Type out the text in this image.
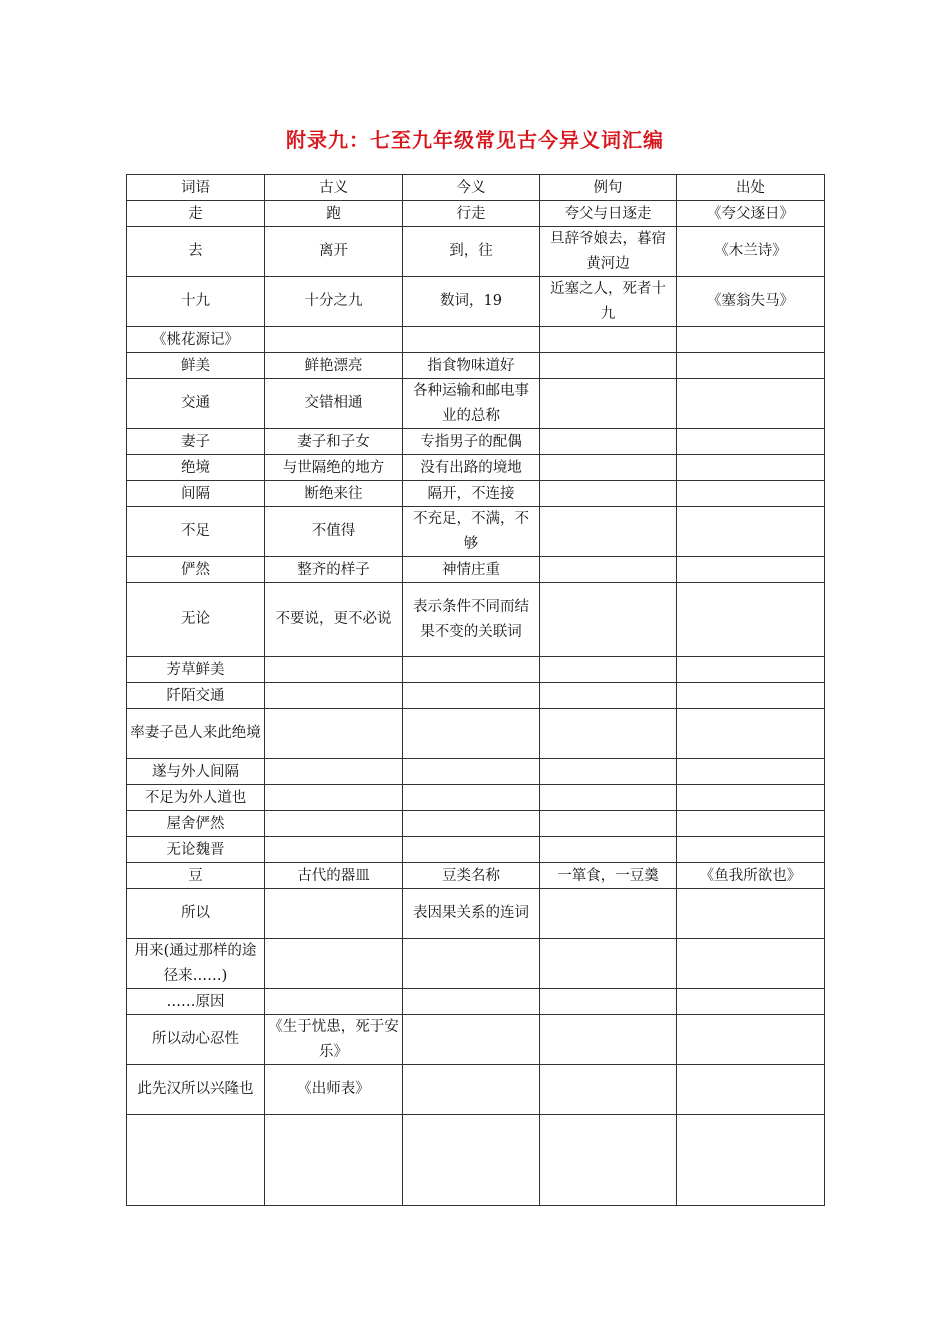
附录九：七至九年级常见古今异义词汇编
词语	古义	今义	例句	出处
走	跑	行走	夸父与日逐走	《夸父逐日》
去	离开	到，往	旦辞爷娘去，暮宿黄河边	《木兰诗》
十九	十分之九	数词，19	近塞之人，死者十九	《塞翁失马》
《桃花源记》				
鲜美	鲜艳漂亮	指食物味道好		
交通	交错相通	各种运输和邮电事业的总称		
妻子	妻子和子女	专指男子的配偶		
绝境	与世隔绝的地方	没有出路的境地		
间隔	断绝来往	隔开，不连接		
不足	不值得	不充足，不满，不够		
俨然	整齐的样子	神情庄重		
无论	不要说，更不必说	表示条件不同而结果不变的关联词		
芳草鲜美				
阡陌交通				
率妻子邑人来此绝境				
遂与外人间隔				
不足为外人道也				
屋舍俨然				
无论魏晋				
豆	古代的器皿	豆类名称	一箪食，一豆羹	《鱼我所欲也》
所以		表因果关系的连词		
用来(通过那样的途径来……)				
……原因				
所以动心忍性	《生于忧患，死于安乐》			
此先汉所以兴隆也	《出师表》			
